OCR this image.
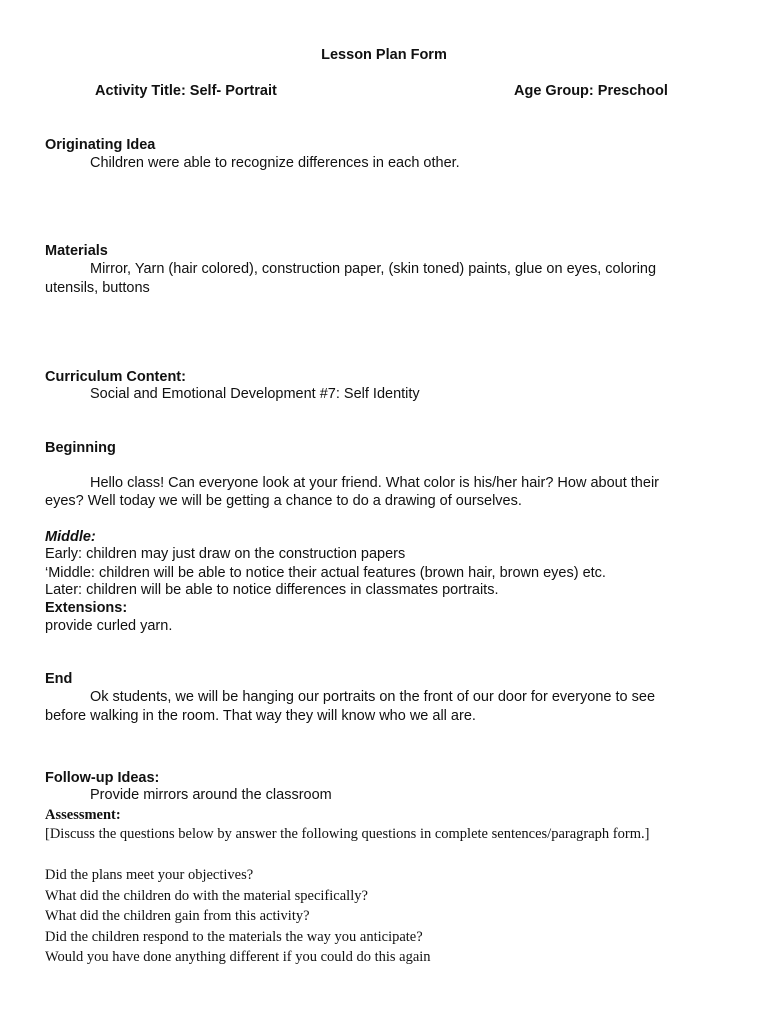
Lesson Plan Form
Activity Title: Self- Portrait	Age Group: Preschool
Originating Idea
Children were able to recognize differences in each other.
Materials
Mirror, Yarn (hair colored), construction paper, (skin toned) paints, glue on eyes, coloring
utensils, buttons
Curriculum Content:
Social and Emotional Development #7: Self Identity
Beginning
Hello class! Can everyone look at your friend. What color is his/her hair? How about their
eyes? Well today we will be getting a chance to do a drawing of ourselves.
Middle:
Early: children may just draw on the construction papers
‘Middle: children will be able to notice their actual features (brown hair, brown eyes) etc.
Later: children will be able to notice differences in classmates portraits.
Extensions:
provide curled yarn.
End
Ok students, we will be hanging our portraits on the front of our door for everyone to see
before walking in the room. That way they will know who we all are.
Follow-up Ideas:
Provide mirrors around the classroom
Assessment:
[Discuss the questions below by answer the following questions in complete sentences/paragraph form.]
Did the plans meet your objectives?
What did the children do with the material specifically?
What did the children gain from this activity?
Did the children respond to the materials the way you anticipate?
Would you have done anything different if you could do this again
